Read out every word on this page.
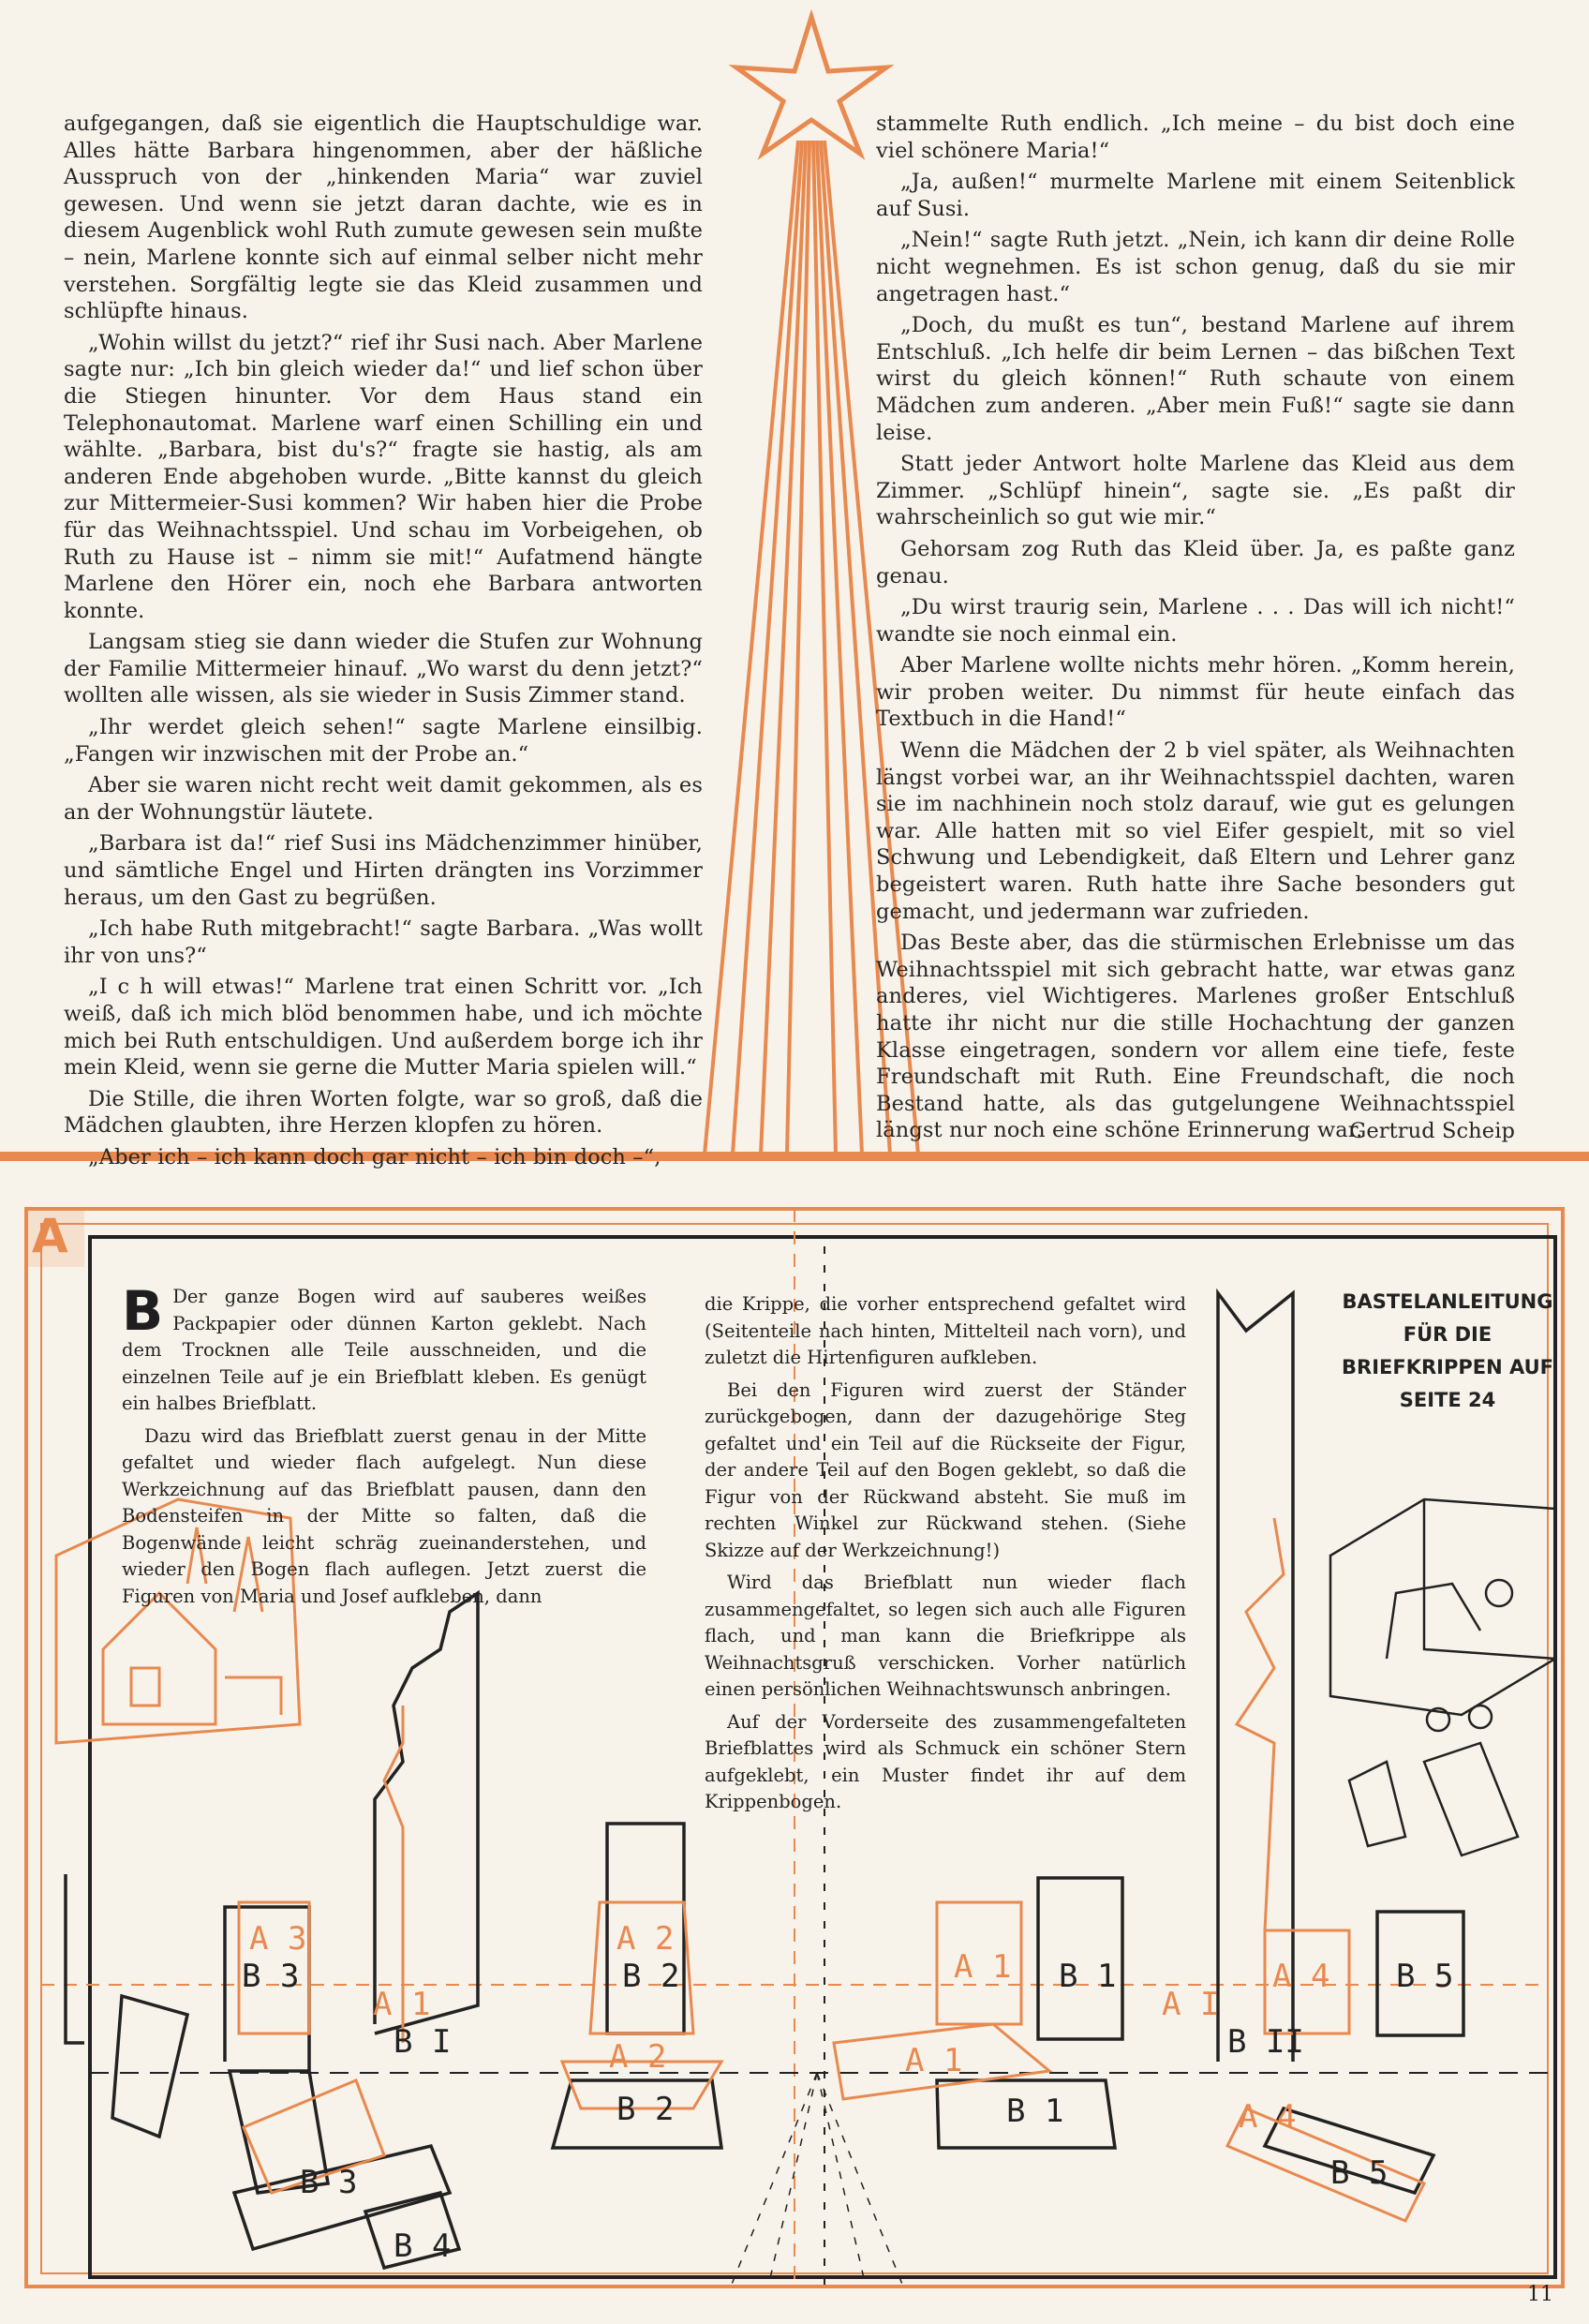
aufgegangen, daß sie eigentlich die Hauptschuldige war. Alles hätte Barbara hingenommen, aber der häßliche Ausspruch von der „hinkenden Maria“ war zuviel gewesen. Und wenn sie jetzt daran dachte, wie es in diesem Augenblick wohl Ruth zumute gewesen sein mußte – nein, Marlene konnte sich auf einmal selber nicht mehr verstehen. Sorgfältig legte sie das Kleid zusammen und schlüpfte hinaus.

„Wohin willst du jetzt?“ rief ihr Susi nach. Aber Marlene sagte nur: „Ich bin gleich wieder da!“ und lief schon über die Stiegen hinunter. Vor dem Haus stand ein Telephonautomat. Marlene warf einen Schilling ein und wählte. „Barbara, bist du's?“ fragte sie hastig, als am anderen Ende abgehoben wurde. „Bitte kannst du gleich zur Mittermeier-Susi kommen? Wir haben hier die Probe für das Weihnachtsspiel. Und schau im Vorbeigehen, ob Ruth zu Hause ist – nimm sie mit!“ Aufatmend hängte Marlene den Hörer ein, noch ehe Barbara antworten konnte.

Langsam stieg sie dann wieder die Stufen zur Wohnung der Familie Mittermeier hinauf. „Wo warst du denn jetzt?“ wollten alle wissen, als sie wieder in Susis Zimmer stand.

„Ihr werdet gleich sehen!“ sagte Marlene einsilbig. „Fangen wir inzwischen mit der Probe an.“

Aber sie waren nicht recht weit damit gekommen, als es an der Wohnungstür läutete.

„Barbara ist da!“ rief Susi ins Mädchenzimmer hinüber, und sämtliche Engel und Hirten drängten ins Vorzimmer heraus, um den Gast zu begrüßen.

„Ich habe Ruth mitgebracht!“ sagte Barbara. „Was wollt ihr von uns?“

„I c h will etwas!“ Marlene trat einen Schritt vor. „Ich weiß, daß ich mich blöd benommen habe, und ich möchte mich bei Ruth entschuldigen. Und außerdem borge ich ihr mein Kleid, wenn sie gerne die Mutter Maria spielen will.“

Die Stille, die ihren Worten folgte, war so groß, daß die Mädchen glaubten, ihre Herzen klopfen zu hören.

„Aber ich – ich kann doch gar nicht – ich bin doch –“,

stammelte Ruth endlich. „Ich meine – du bist doch eine viel schönere Maria!“

„Ja, außen!“ murmelte Marlene mit einem Seitenblick auf Susi.

„Nein!“ sagte Ruth jetzt. „Nein, ich kann dir deine Rolle nicht wegnehmen. Es ist schon genug, daß du sie mir angetragen hast.“

„Doch, du mußt es tun“, bestand Marlene auf ihrem Entschluß. „Ich helfe dir beim Lernen – das bißchen Text wirst du gleich können!“ Ruth schaute von einem Mädchen zum anderen. „Aber mein Fuß!“ sagte sie dann leise.

Statt jeder Antwort holte Marlene das Kleid aus dem Zimmer. „Schlüpf hinein“, sagte sie. „Es paßt dir wahrscheinlich so gut wie mir.“

Gehorsam zog Ruth das Kleid über. Ja, es paßte ganz genau.

„Du wirst traurig sein, Marlene . . . Das will ich nicht!“ wandte sie noch einmal ein.

Aber Marlene wollte nichts mehr hören. „Komm herein, wir proben weiter. Du nimmst für heute einfach das Textbuch in die Hand!“

Wenn die Mädchen der 2 b viel später, als Weihnachten längst vorbei war, an ihr Weihnachtsspiel dachten, waren sie im nachhinein noch stolz darauf, wie gut es gelungen war. Alle hatten mit so viel Eifer gespielt, mit so viel Schwung und Lebendigkeit, daß Eltern und Lehrer ganz begeistert waren. Ruth hatte ihre Sache besonders gut gemacht, und jedermann war zufrieden.

Das Beste aber, das die stürmischen Erlebnisse um das Weihnachtsspiel mit sich gebracht hatte, war etwas ganz anderes, viel Wichtigeres. Marlenes großer Entschluß hatte ihr nicht nur die stille Hochachtung der ganzen Klasse eingetragen, sondern vor allem eine tiefe, feste Freundschaft mit Ruth. Eine Freundschaft, die noch Bestand hatte, als das gutgelungene Weihnachtsspiel längst nur noch eine schöne Erinnerung war.

Gertrud Scheip

A
BASTELANLEITUNG FÜR DIE BRIEFKRIPPEN AUF SEITE 24

B Der ganze Bogen wird auf sauberes weißes Packpapier oder dünnen Karton geklebt. Nach dem Trocknen alle Teile ausschneiden, und die einzelnen Teile auf je ein Briefblatt kleben. Es genügt ein halbes Briefblatt.

Dazu wird das Briefblatt zuerst genau in der Mitte gefaltet und wieder flach aufgelegt. Nun diese Werkzeichnung auf das Briefblatt pausen, dann den Bodensteifen in der Mitte so falten, daß die Bogenwände leicht schräg zueinanderstehen, und wieder den Bogen flach auflegen. Jetzt zuerst die Figuren von Maria und Josef aufkleben, dann

die Krippe, die vorher entsprechend gefaltet wird (Seitenteile nach hinten, Mittelteil nach vorn), und zuletzt die Hirtenfiguren aufkleben.

Bei den Figuren wird zuerst der Ständer zurückgebogen, dann der dazugehörige Steg gefaltet und ein Teil auf die Rückseite der Figur, der andere Teil auf den Bogen geklebt, so daß die Figur von der Rückwand absteht. Sie muß im rechten Winkel zur Rückwand stehen. (Siehe Skizze auf der Werkzeichnung!)

Wird das Briefblatt nun wieder flach zusammengefaltet, so legen sich auch alle Figuren flach, und man kann die Briefkrippe als Weihnachtsgruß verschicken. Vorher natürlich einen persönlichen Weihnachtswunsch anbringen.

Auf der Vorderseite des zusammengefalteten Briefblattes wird als Schmuck ein schöner Stern aufgeklebt, ein Muster findet ihr auf dem Krippenbogen.

B 3
B I
B 2	B 1
B II
B 5
B 3
B 4
B 2	B 1
B 5
A 3	A 2
A 1
A I
A 4
A 1
A 2	A 1
A 4
11
